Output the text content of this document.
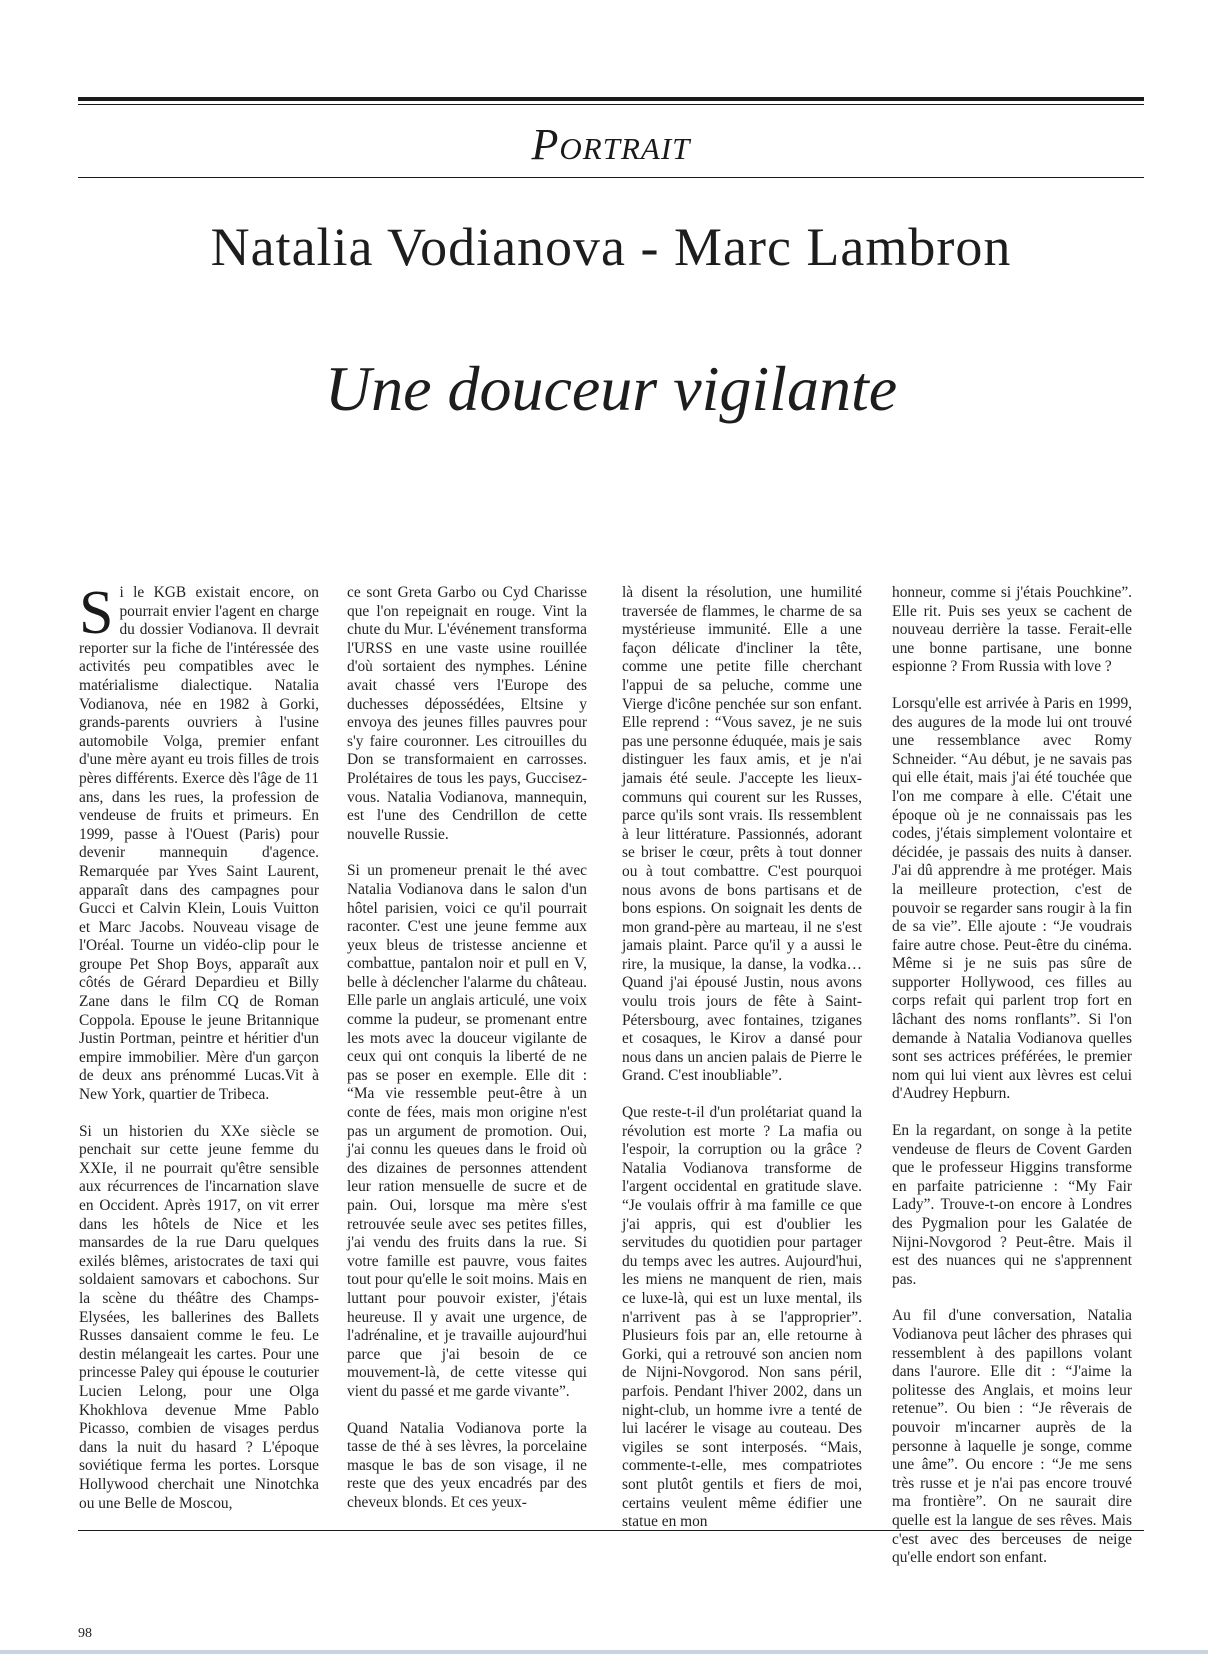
Portrait
Natalia Vodianova - Marc Lambron
Une douceur vigilante

Si le KGB existait encore, on pourrait envier l'agent en charge du dossier Vodianova. Il devrait reporter sur la fiche de l'intéressée des activités peu compatibles avec le matérialisme dialectique. Natalia Vodianova, née en 1982 à Gorki, grands-parents ouvriers à l'usine automobile Volga, premier enfant d'une mère ayant eu trois filles de trois pères différents. Exerce dès l'âge de 11 ans, dans les rues, la profession de vendeuse de fruits et primeurs. En 1999, passe à l'Ouest (Paris) pour devenir mannequin d'agence. Remarquée par Yves Saint Laurent, apparaît dans des campagnes pour Gucci et Calvin Klein, Louis Vuitton et Marc Jacobs. Nouveau visage de l'Oréal. Tourne un vidéo-clip pour le groupe Pet Shop Boys, apparaît aux côtés de Gérard Depardieu et Billy Zane dans le film CQ de Roman Coppola. Epouse le jeune Britannique Justin Portman, peintre et héritier d'un empire immobilier. Mère d'un garçon de deux ans prénommé Lucas.Vit à New York, quartier de Tribeca.

Si un historien du XXe siècle se penchait sur cette jeune femme du XXIe, il ne pourrait qu'être sensible aux récurrences de l'incarnation slave en Occident. Après 1917, on vit errer dans les hôtels de Nice et les mansardes de la rue Daru quelques exilés blêmes, aristocrates de taxi qui soldaient samovars et cabochons. Sur la scène du théâtre des Champs-Elysées, les ballerines des Ballets Russes dansaient comme le feu. Le destin mélangeait les cartes. Pour une princesse Paley qui épouse le couturier Lucien Lelong, pour une Olga Khokhlova devenue Mme Pablo Picasso, combien de visages perdus dans la nuit du hasard ? L'époque soviétique ferma les portes. Lorsque Hollywood cherchait une Ninotchka ou une Belle de Moscou,

ce sont Greta Garbo ou Cyd Charisse que l'on repeignait en rouge. Vint la chute du Mur. L'événement transforma l'URSS en une vaste usine rouillée d'où sortaient des nymphes. Lénine avait chassé vers l'Europe des duchesses dépossédées, Eltsine y envoya des jeunes filles pauvres pour s'y faire couronner. Les citrouilles du Don se transformaient en carrosses. Prolétaires de tous les pays, Guccisez-vous. Natalia Vodianova, mannequin, est l'une des Cendrillon de cette nouvelle Russie.

Si un promeneur prenait le thé avec Natalia Vodianova dans le salon d'un hôtel parisien, voici ce qu'il pourrait raconter. C'est une jeune femme aux yeux bleus de tristesse ancienne et combattue, pantalon noir et pull en V, belle à déclencher l'alarme du château. Elle parle un anglais articulé, une voix comme la pudeur, se promenant entre les mots avec la douceur vigilante de ceux qui ont conquis la liberté de ne pas se poser en exemple. Elle dit : “Ma vie ressemble peut-être à un conte de fées, mais mon origine n'est pas un argument de promotion. Oui, j'ai connu les queues dans le froid où des dizaines de personnes attendent leur ration mensuelle de sucre et de pain. Oui, lorsque ma mère s'est retrouvée seule avec ses petites filles, j'ai vendu des fruits dans la rue. Si votre famille est pauvre, vous faites tout pour qu'elle le soit moins. Mais en luttant pour pouvoir exister, j'étais heureuse. Il y avait une urgence, de l'adrénaline, et je travaille aujourd'hui parce que j'ai besoin de ce mouvement-là, de cette vitesse qui vient du passé et me garde vivante”.

Quand Natalia Vodianova porte la tasse de thé à ses lèvres, la porcelaine masque le bas de son visage, il ne reste que des yeux encadrés par des cheveux blonds. Et ces yeux-

là disent la résolution, une humilité traversée de flammes, le charme de sa mystérieuse immunité. Elle a une façon délicate d'incliner la tête, comme une petite fille cherchant l'appui de sa peluche, comme une Vierge d'icône penchée sur son enfant. Elle reprend : “Vous savez, je ne suis pas une personne éduquée, mais je sais distinguer les faux amis, et je n'ai jamais été seule. J'accepte les lieux-communs qui courent sur les Russes, parce qu'ils sont vrais. Ils ressemblent à leur littérature. Passionnés, adorant se briser le cœur, prêts à tout donner ou à tout combattre. C'est pourquoi nous avons de bons partisans et de bons espions. On soignait les dents de mon grand-père au marteau, il ne s'est jamais plaint. Parce qu'il y a aussi le rire, la musique, la danse, la vodka… Quand j'ai épousé Justin, nous avons voulu trois jours de fête à Saint-Pétersbourg, avec fontaines, tziganes et cosaques, le Kirov a dansé pour nous dans un ancien palais de Pierre le Grand. C'est inoubliable”.

Que reste-t-il d'un prolétariat quand la révolution est morte ? La mafia ou l'espoir, la corruption ou la grâce ? Natalia Vodianova transforme de l'argent occidental en gratitude slave. “Je voulais offrir à ma famille ce que j'ai appris, qui est d'oublier les servitudes du quotidien pour partager du temps avec les autres. Aujourd'hui, les miens ne manquent de rien, mais ce luxe-là, qui est un luxe mental, ils n'arrivent pas à se l'approprier”. Plusieurs fois par an, elle retourne à Gorki, qui a retrouvé son ancien nom de Nijni-Novgorod. Non sans péril, parfois. Pendant l'hiver 2002, dans un night-club, un homme ivre a tenté de lui lacérer le visage au couteau. Des vigiles se sont interposés. “Mais, commente-t-elle, mes compatriotes sont plutôt gentils et fiers de moi, certains veulent même édifier une statue en mon

honneur, comme si j'étais Pouchkine”. Elle rit. Puis ses yeux se cachent de nouveau derrière la tasse. Ferait-elle une bonne partisane, une bonne espionne ? From Russia with love ?

Lorsqu'elle est arrivée à Paris en 1999, des augures de la mode lui ont trouvé une ressemblance avec Romy Schneider. “Au début, je ne savais pas qui elle était, mais j'ai été touchée que l'on me compare à elle. C'était une époque où je ne connaissais pas les codes, j'étais simplement volontaire et décidée, je passais des nuits à danser. J'ai dû apprendre à me protéger. Mais la meilleure protection, c'est de pouvoir se regarder sans rougir à la fin de sa vie”. Elle ajoute : “Je voudrais faire autre chose. Peut-être du cinéma. Même si je ne suis pas sûre de supporter Hollywood, ces filles au corps refait qui parlent trop fort en lâchant des noms ronflants”. Si l'on demande à Natalia Vodianova quelles sont ses actrices préférées, le premier nom qui lui vient aux lèvres est celui d'Audrey Hepburn.

En la regardant, on songe à la petite vendeuse de fleurs de Covent Garden que le professeur Higgins transforme en parfaite patricienne : “My Fair Lady”. Trouve-t-on encore à Londres des Pygmalion pour les Galatée de Nijni-Novgorod ? Peut-être. Mais il est des nuances qui ne s'apprennent pas.

Au fil d'une conversation, Natalia Vodianova peut lâcher des phrases qui ressemblent à des papillons volant dans l'aurore. Elle dit : “J'aime la politesse des Anglais, et moins leur retenue”. Ou bien : “Je rêverais de pouvoir m'incarner auprès de la personne à laquelle je songe, comme une âme”. Ou encore : “Je me sens très russe et je n'ai pas encore trouvé ma frontière”. On ne saurait dire quelle est la langue de ses rêves. Mais c'est avec des berceuses de neige qu'elle endort son enfant.

98
